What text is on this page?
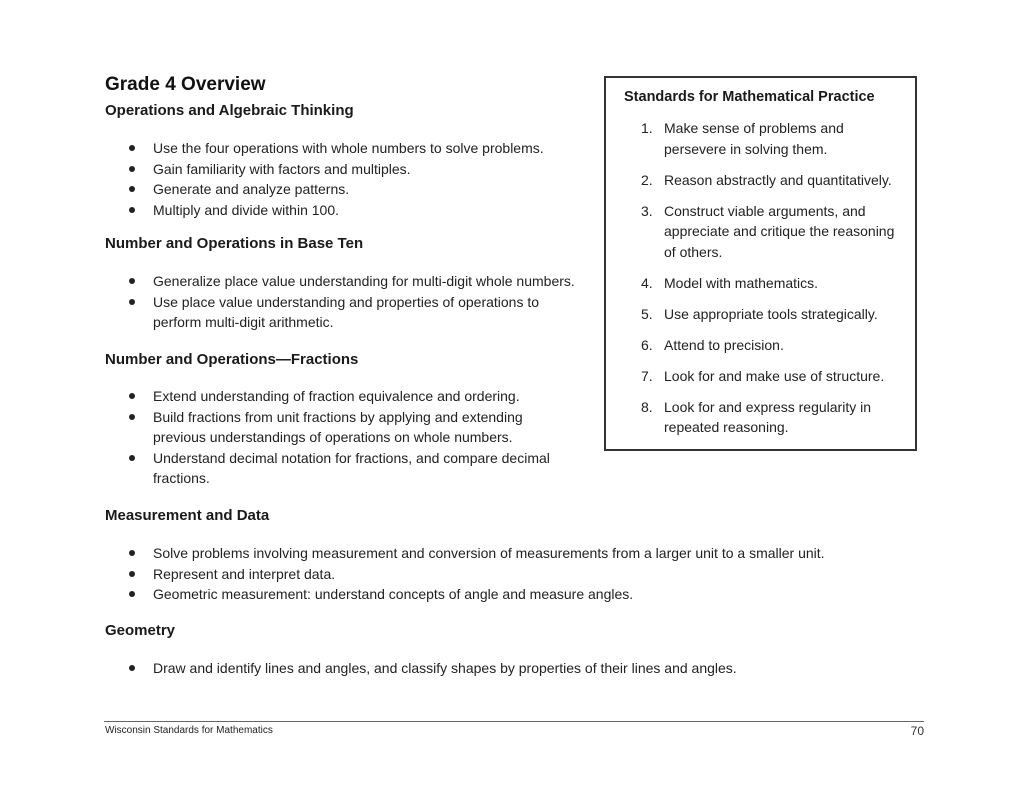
Grade 4 Overview
Operations and Algebraic Thinking
Use the four operations with whole numbers to solve problems.
Gain familiarity with factors and multiples.
Generate and analyze patterns.
Multiply and divide within 100.
Number and Operations in Base Ten
Generalize place value understanding for multi-digit whole numbers.
Use place value understanding and properties of operations to perform multi-digit arithmetic.
Number and Operations—Fractions
Extend understanding of fraction equivalence and ordering.
Build fractions from unit fractions by applying and extending previous understandings of operations on whole numbers.
Understand decimal notation for fractions, and compare decimal fractions.
Measurement and Data
Solve problems involving measurement and conversion of measurements from a larger unit to a smaller unit.
Represent and interpret data.
Geometric measurement: understand concepts of angle and measure angles.
Geometry
Draw and identify lines and angles, and classify shapes by properties of their lines and angles.
Standards for Mathematical Practice
1. Make sense of problems and persevere in solving them.
2. Reason abstractly and quantitatively.
3. Construct viable arguments, and appreciate and critique the reasoning of others.
4. Model with mathematics.
5. Use appropriate tools strategically.
6. Attend to precision.
7. Look for and make use of structure.
8. Look for and express regularity in repeated reasoning.
Wisconsin Standards for Mathematics	70
